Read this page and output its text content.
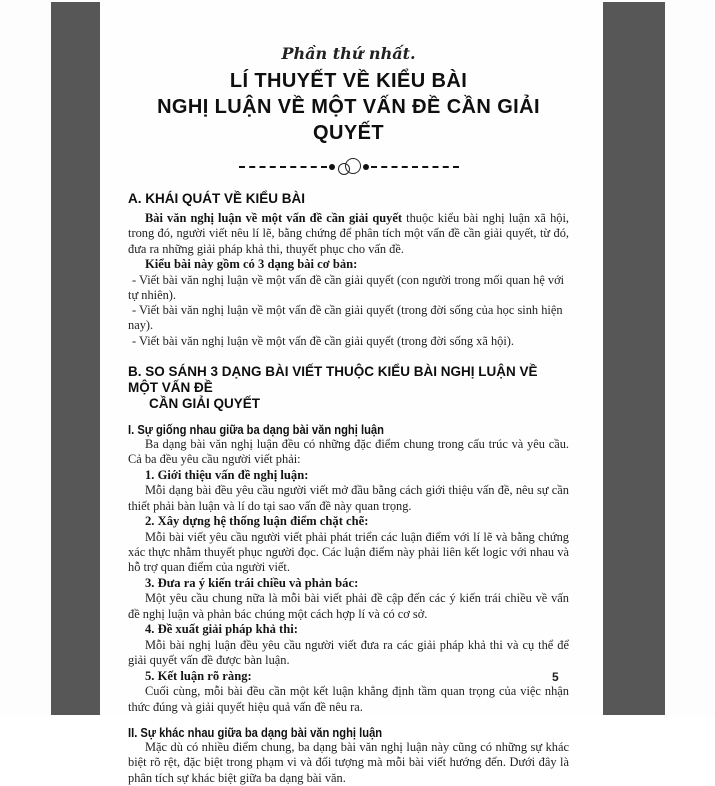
Phần thứ nhất.
LÍ THUYẾT VỀ KIỂU BÀI
NGHỊ LUẬN VỀ MỘT VẤN ĐỀ CẦN GIẢI QUYẾT
A. KHÁI QUÁT VỀ KIỂU BÀI

Bài văn nghị luận về một vấn đề cần giải quyết thuộc kiểu bài nghị luận xã hội, trong đó, người viết nêu lí lẽ, bằng chứng để phân tích một vấn đề cần giải quyết, từ đó, đưa ra những giải pháp khả thi, thuyết phục cho vấn đề.

Kiểu bài này gồm có 3 dạng bài cơ bản:

- Viết bài văn nghị luận về một vấn đề cần giải quyết (con người trong mối quan hệ với tự nhiên).

- Viết bài văn nghị luận về một vấn đề cần giải quyết (trong đời sống của học sinh hiện nay).

- Viết bài văn nghị luận về một vấn đề cần giải quyết (trong đời sống xã hội).

B. SO SÁNH 3 DẠNG BÀI VIẾT THUỘC KIỂU BÀI NGHỊ LUẬN VỀ MỘT VẤN ĐỀ
CẦN GIẢI QUYẾT
I. Sự giống nhau giữa ba dạng bài văn nghị luận

Ba dạng bài văn nghị luận đều có những đặc điểm chung trong cấu trúc và yêu cầu. Cả ba đều yêu cầu người viết phải:

1. Giới thiệu vấn đề nghị luận:

Mỗi dạng bài đều yêu cầu người viết mở đầu bằng cách giới thiệu vấn đề, nêu sự cần thiết phải bàn luận và lí do tại sao vấn đề này quan trọng.

2. Xây dựng hệ thống luận điểm chặt chẽ:

Mỗi bài viết yêu cầu người viết phải phát triển các luận điểm với lí lẽ và bằng chứng xác thực nhằm thuyết phục người đọc. Các luận điểm này phải liên kết logic với nhau và hỗ trợ quan điểm của người viết.

3. Đưa ra ý kiến trái chiều và phản bác:

Một yêu cầu chung nữa là mỗi bài viết phải đề cập đến các ý kiến trái chiều về vấn đề nghị luận và phản bác chúng một cách hợp lí và có cơ sở.

4. Đề xuất giải pháp khả thi:

Mỗi bài nghị luận đều yêu cầu người viết đưa ra các giải pháp khả thi và cụ thể để giải quyết vấn đề được bàn luận.

5. Kết luận rõ ràng:

Cuối cùng, mỗi bài đều cần một kết luận khẳng định tầm quan trọng của việc nhận thức đúng và giải quyết hiệu quả vấn đề nêu ra.

II. Sự khác nhau giữa ba dạng bài văn nghị luận

Mặc dù có nhiều điểm chung, ba dạng bài văn nghị luận này cũng có những sự khác biệt rõ rệt, đặc biệt trong phạm vi và đối tượng mà mỗi bài viết hướng đến. Dưới đây là phân tích sự khác biệt giữa ba dạng bài văn.

5
